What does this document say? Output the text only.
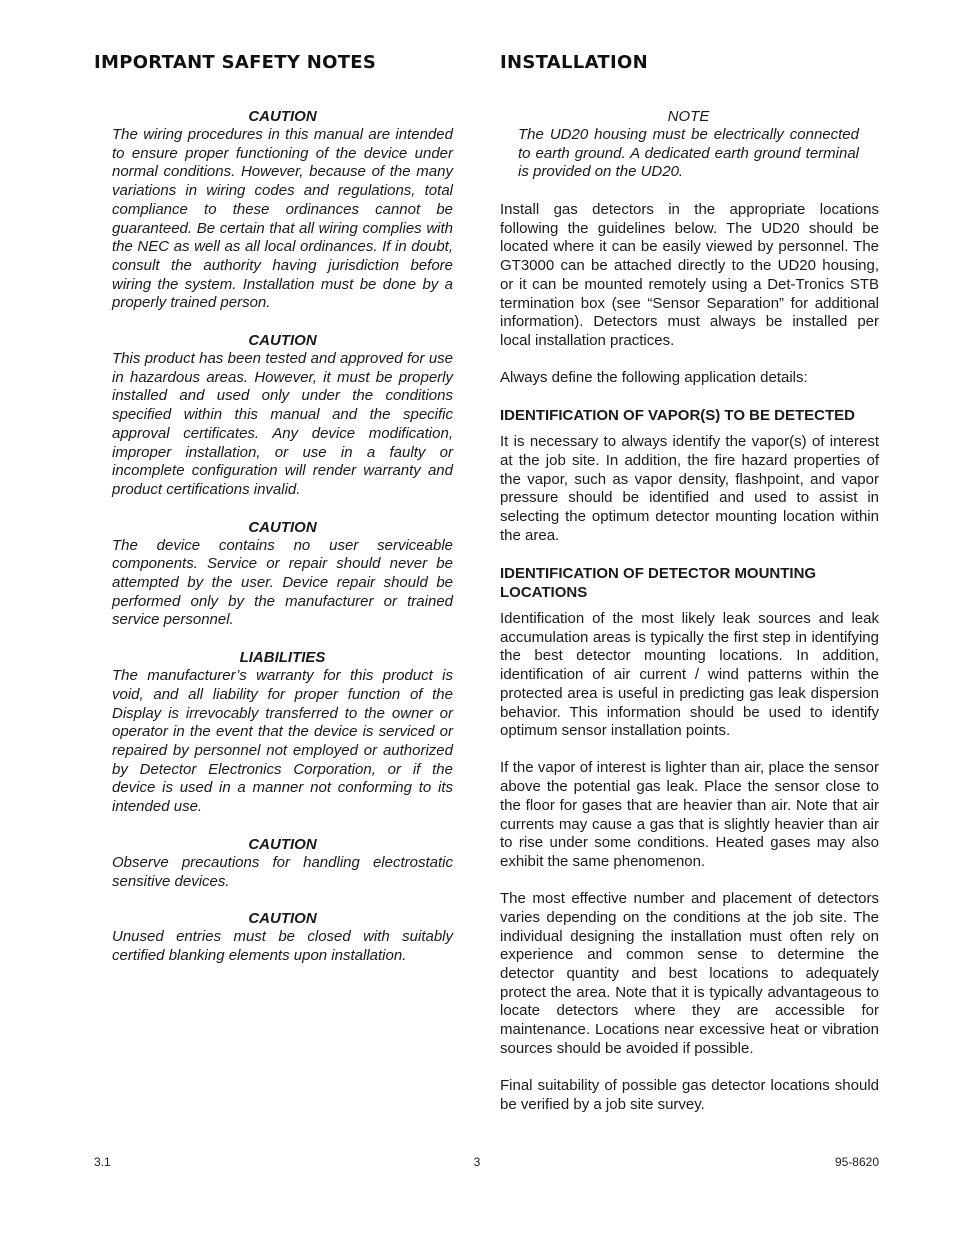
IMPORTANT SAFETY NOTES

CAUTION

The wiring procedures in this manual are intended to ensure proper functioning of the device under normal conditions. However, because of the many variations in wiring codes and regulations, total compliance to these ordinances cannot be guaranteed. Be certain that all wiring complies with the NEC as well as all local ordinances. If in doubt, consult the authority having jurisdiction before wiring the system. Installation must be done by a properly trained person.

CAUTION

This product has been tested and approved for use in hazardous areas. However, it must be properly installed and used only under the conditions specified within this manual and the specific approval certificates. Any device modification, improper installation, or use in a faulty or incomplete configuration will render warranty and product certifications invalid.

CAUTION

The device contains no user serviceable components. Service or repair should never be attempted by the user. Device repair should be performed only by the manufacturer or trained service personnel.

LIABILITIES

The manufacturer’s warranty for this product is void, and all liability for proper function of the Display is irrevocably transferred to the owner or operator in the event that the device is serviced or repaired by personnel not employed or authorized by Detector Electronics Corporation, or if the device is used in a manner not conforming to its intended use.

CAUTION

Observe precautions for handling electrostatic sensitive devices.

CAUTION

Unused entries must be closed with suitably certified blanking elements upon installation.

INSTALLATION

NOTE

The UD20 housing must be electrically connected to earth ground. A dedicated earth ground terminal is provided on the UD20.

Install gas detectors in the appropriate locations following the guidelines below. The UD20 should be located where it can be easily viewed by personnel. The GT3000 can be attached directly to the UD20 housing, or it can be mounted remotely using a Det-Tronics STB termination box (see “Sensor Separation” for additional information). Detectors must always be installed per local installation practices.

Always define the following application details:

IDENTIFICATION OF VAPOR(S) TO BE DETECTED

It is necessary to always identify the vapor(s) of interest at the job site. In addition, the fire hazard properties of the vapor, such as vapor density, flashpoint, and vapor pressure should be identified and used to assist in selecting the optimum detector mounting location within the area.

IDENTIFICATION OF DETECTOR MOUNTING LOCATIONS

Identification of the most likely leak sources and leak accumulation areas is typically the first step in identifying the best detector mounting locations. In addition, identification of air current / wind patterns within the protected area is useful in predicting gas leak dispersion behavior. This information should be used to identify optimum sensor installation points.

If the vapor of interest is lighter than air, place the sensor above the potential gas leak. Place the sensor close to the floor for gases that are heavier than air. Note that air currents may cause a gas that is slightly heavier than air to rise under some conditions. Heated gases may also exhibit the same phenomenon.

The most effective number and placement of detectors varies depending on the conditions at the job site. The individual designing the installation must often rely on experience and common sense to determine the detector quantity and best locations to adequately protect the area. Note that it is typically advantageous to locate detectors where they are accessible for maintenance. Locations near excessive heat or vibration sources should be avoided if possible.

Final suitability of possible gas detector locations should be verified by a job site survey.

3.1	3	95-8620
